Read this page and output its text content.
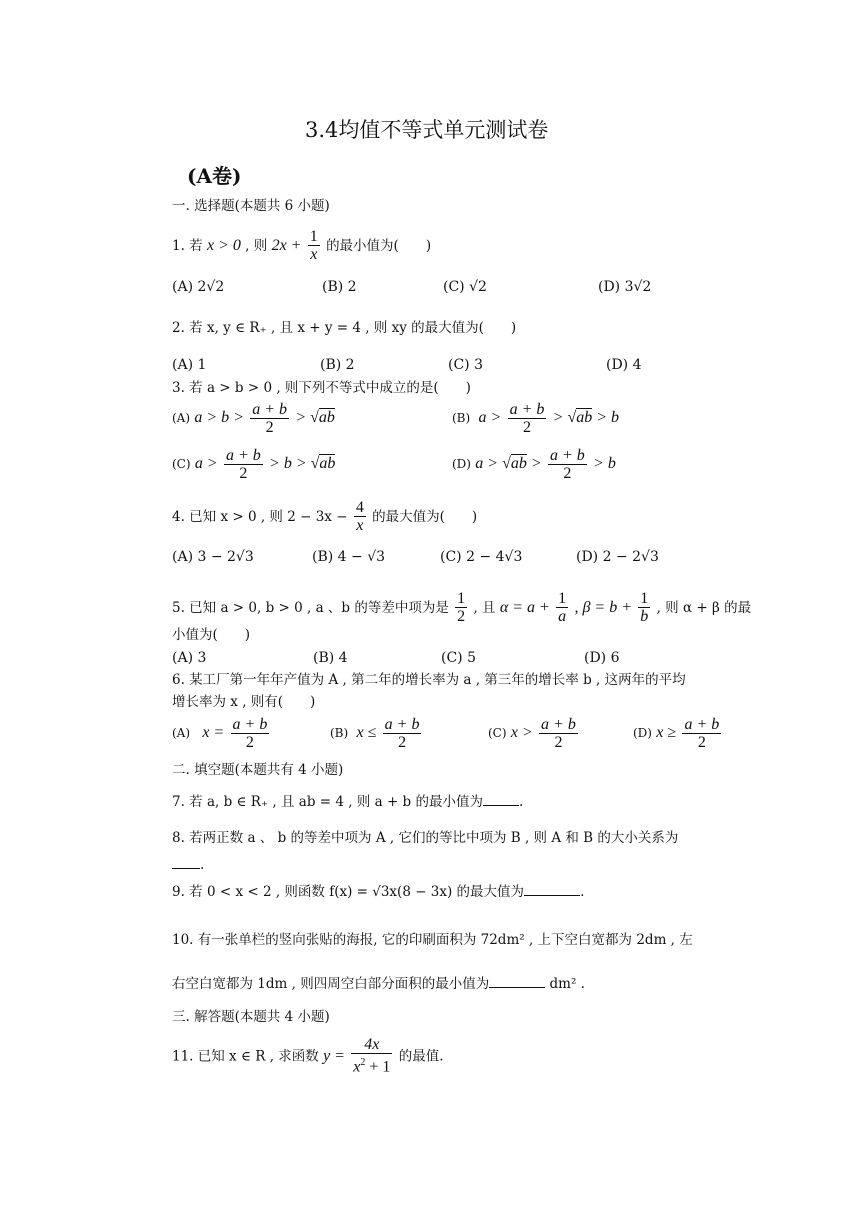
3.4均值不等式单元测试卷
(A卷)
一. 选择题(本题共 6 小题)
1. 若 x > 0 , 则 $2x + \frac{1}{x}$ 的最小值为(　　)
(A) 2√2	(B) 2	(C) √2	(D) 3√2
2. 若 x, y ∈ R₊ , 且 x + y = 4 , 则 xy 的最大值为(　　)
(A) 1	(B) 2	(C) 3	(D) 4
3. 若 a > b > 0 , 则下列不等式中成立的是(　　)
(A) $a > b > \frac{a + b}{2} > √ab$	(B)  $a > \frac{a + b}{2} > √ab > b$
(C) $a > \frac{a + b}{2} > b > √ab$	(D) $a > √ab > \frac{a + b}{2} > b$
4. 已知 x > 0 , 则 $2 - 3x - \frac{4}{x}$ 的最大值为(　　)
(A) 3 − 2√3	(B) 4 − √3	(C) 2 − 4√3	(D) 2 − 2√3
5. 已知 a > 0, b > 0 , a 、b 的等差中项为是 $\frac{1}{2}$ , 且 $\alpha = a + \frac{1}{a}$ , $\beta = b + \frac{1}{b}$ , 则 α + β 的最
小值为(　　)
(A) 3	(B) 4	(C) 5	(D) 6
6. 某工厂第一年年产值为 A , 第二年的增长率为 a , 第三年的增长率 b , 这两年的平均
增长率为 x , 则有(　　)
(A)   $x = \frac{a + b}{2}$	(B)  $x \le \frac{a + b}{2}$	(C) $x > \frac{a + b}{2}$	(D) $x \ge \frac{a + b}{2}$
二. 填空题(本题共有 4 小题)
7. 若 a, b ∈ R₊ , 且 ab = 4 , 则 a + b 的最小值为	.
8. 若两正数 a 、 b 的等差中项为 A , 它们的等比中项为 B , 则 A 和 B 的大小关系为
.
9. 若 0 < x < 2 , 则函数 f(x) = √3x(8 − 3x) 的最大值为	.
10. 有一张单栏的竖向张贴的海报, 它的印刷面积为 72dm² , 上下空白宽都为 2dm , 左
右空白宽都为 1dm , 则四周空白部分面积的最小值为	dm² .
三. 解答题(本题共 4 小题)
11. 已知 x ∈ R , 求函数 $y = \frac{4x}{x^2 + 1}$ 的最值.
